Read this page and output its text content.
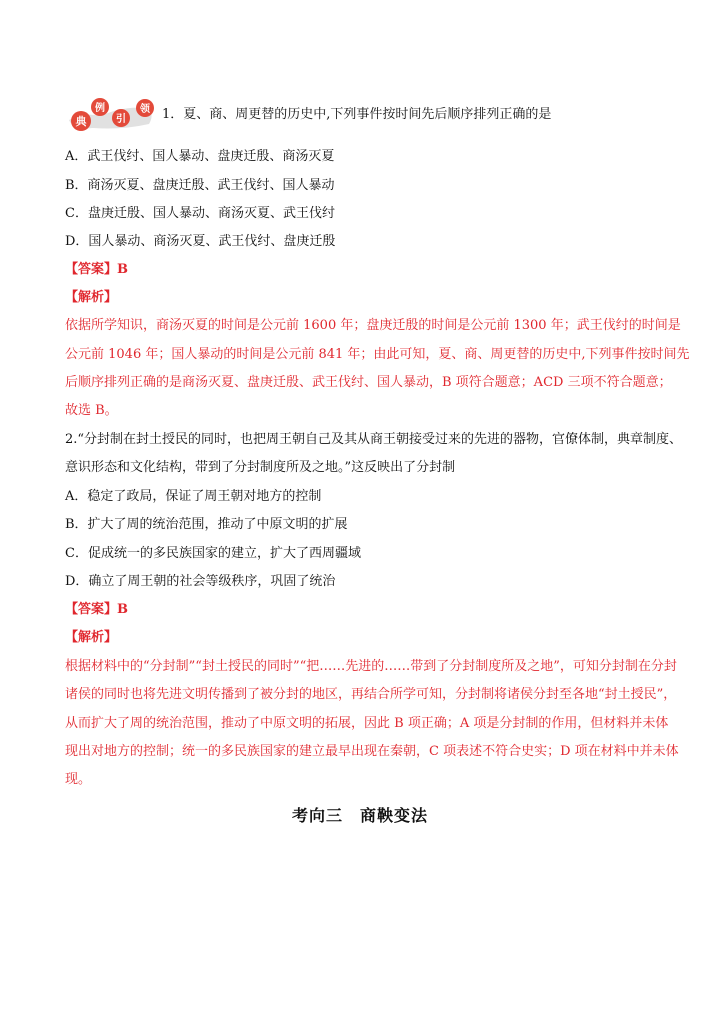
典
例
引
领 1．夏、商、周更替的历史中,下列事件按时间先后顺序排列正确的是
A．武王伐纣、国人暴动、盘庚迁殷、商汤灭夏
B．商汤灭夏、盘庚迁殷、武王伐纣、国人暴动
C．盘庚迁殷、国人暴动、商汤灭夏、武王伐纣
D．国人暴动、商汤灭夏、武王伐纣、盘庚迁殷
【答案】B
【解析】
依据所学知识，商汤灭夏的时间是公元前 1600 年；盘庚迁殷的时间是公元前 1300 年；武王伐纣的时间是
公元前 1046 年；国人暴动的时间是公元前 841 年；由此可知，夏、商、周更替的历史中,下列事件按时间先
后顺序排列正确的是商汤灭夏、盘庚迁殷、武王伐纣、国人暴动，B 项符合题意；ACD 三项不符合题意；
故选 B。
2.“分封制在封土授民的同时，也把周王朝自己及其从商王朝接受过来的先进的器物，官僚体制，典章制度、
意识形态和文化结构，带到了分封制度所及之地。”这反映出了分封制
A．稳定了政局，保证了周王朝对地方的控制
B．扩大了周的统治范围，推动了中原文明的扩展
C．促成统一的多民族国家的建立，扩大了西周疆域
D．确立了周王朝的社会等级秩序，巩固了统治
【答案】B
【解析】
根据材料中的“分封制”“封土授民的同时”“把……先进的……带到了分封制度所及之地”，可知分封制在分封
诸侯的同时也将先进文明传播到了被分封的地区，再结合所学可知，分封制将诸侯分封至各地“封土授民”，
从而扩大了周的统治范围，推动了中原文明的拓展，因此 B 项正确；A 项是分封制的作用，但材料并未体
现出对地方的控制；统一的多民族国家的建立最早出现在秦朝，C 项表述不符合史实；D 项在材料中并未体
现。
考向三　商鞅变法
